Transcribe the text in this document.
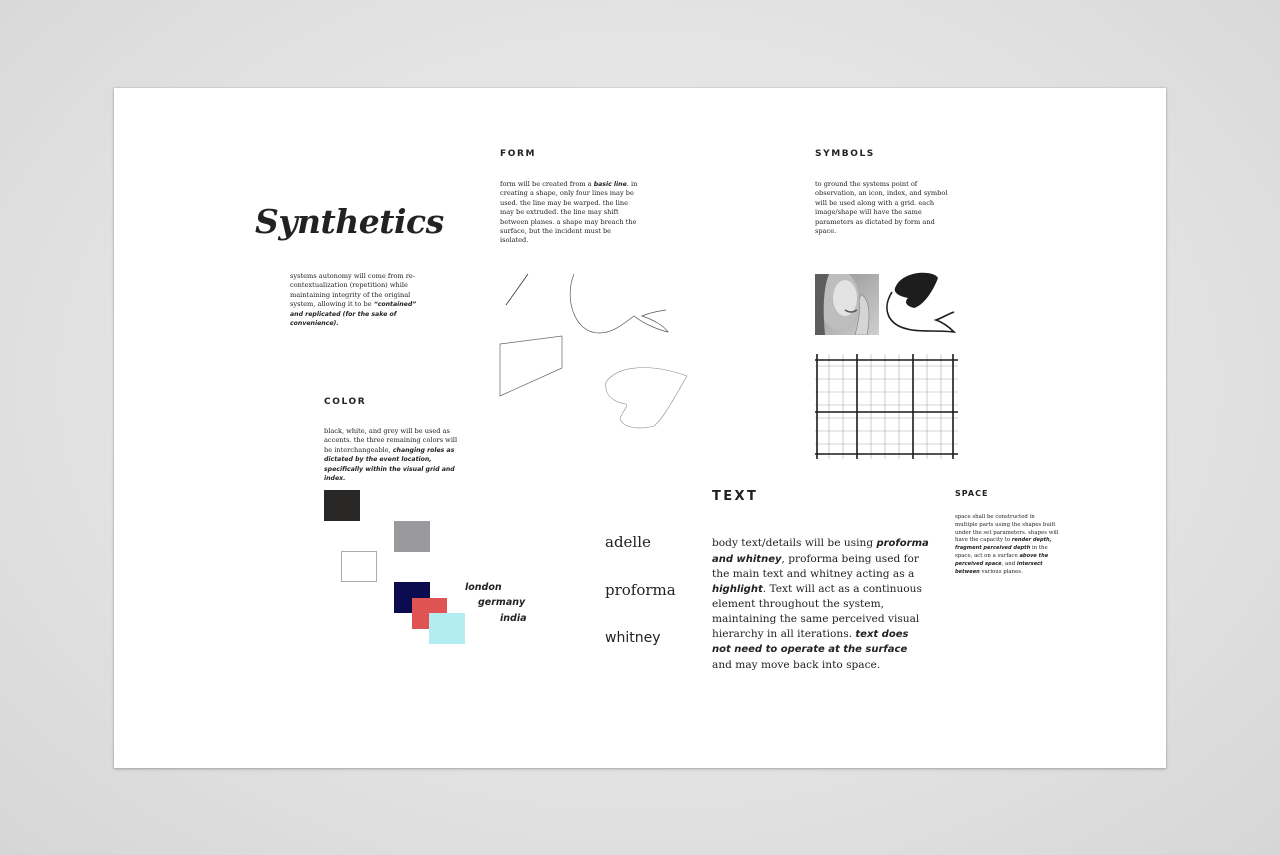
Synthetics

systems autonomy will come from re-contextualization (repetition) while maintaining integrity of the original system, allowing it to be “contained” and replicated (for the sake of convenience).

FORM

form will be created from a basic line. in creating a shape, only four lines may be used. the line may be warped. the line may be extruded. the line may shift between planes. a shape may breach the surface, but the incident must be isolated.

SYMBOLS

to ground the systems point of observation, an icon, index, and symbol will be used along with a grid. each image/shape will have the same parameters as dictated by form and space.

COLOR

black, white, and grey will be used as accents. the three remaining colors will be interchangeable, changing roles as dictated by the event location, specifically within the visual grid and index.

london

germany

india

adelle

proforma

whitney

TEXT

body text/details will be using proforma and whitney, proforma being used for the main text and whitney acting as a highlight. Text will act as a continuous element throughout the system, maintaining the same perceived visual hierarchy in all iterations. text does not need to operate at the surface and may move back into space.

SPACE

space shall be constructed in multiple parts using the shapes built under the set parameters. shapes will have the capacity to render depth, fragment perceived depth in the space, act on a surface above the perceived space, and intersect between various planes.
